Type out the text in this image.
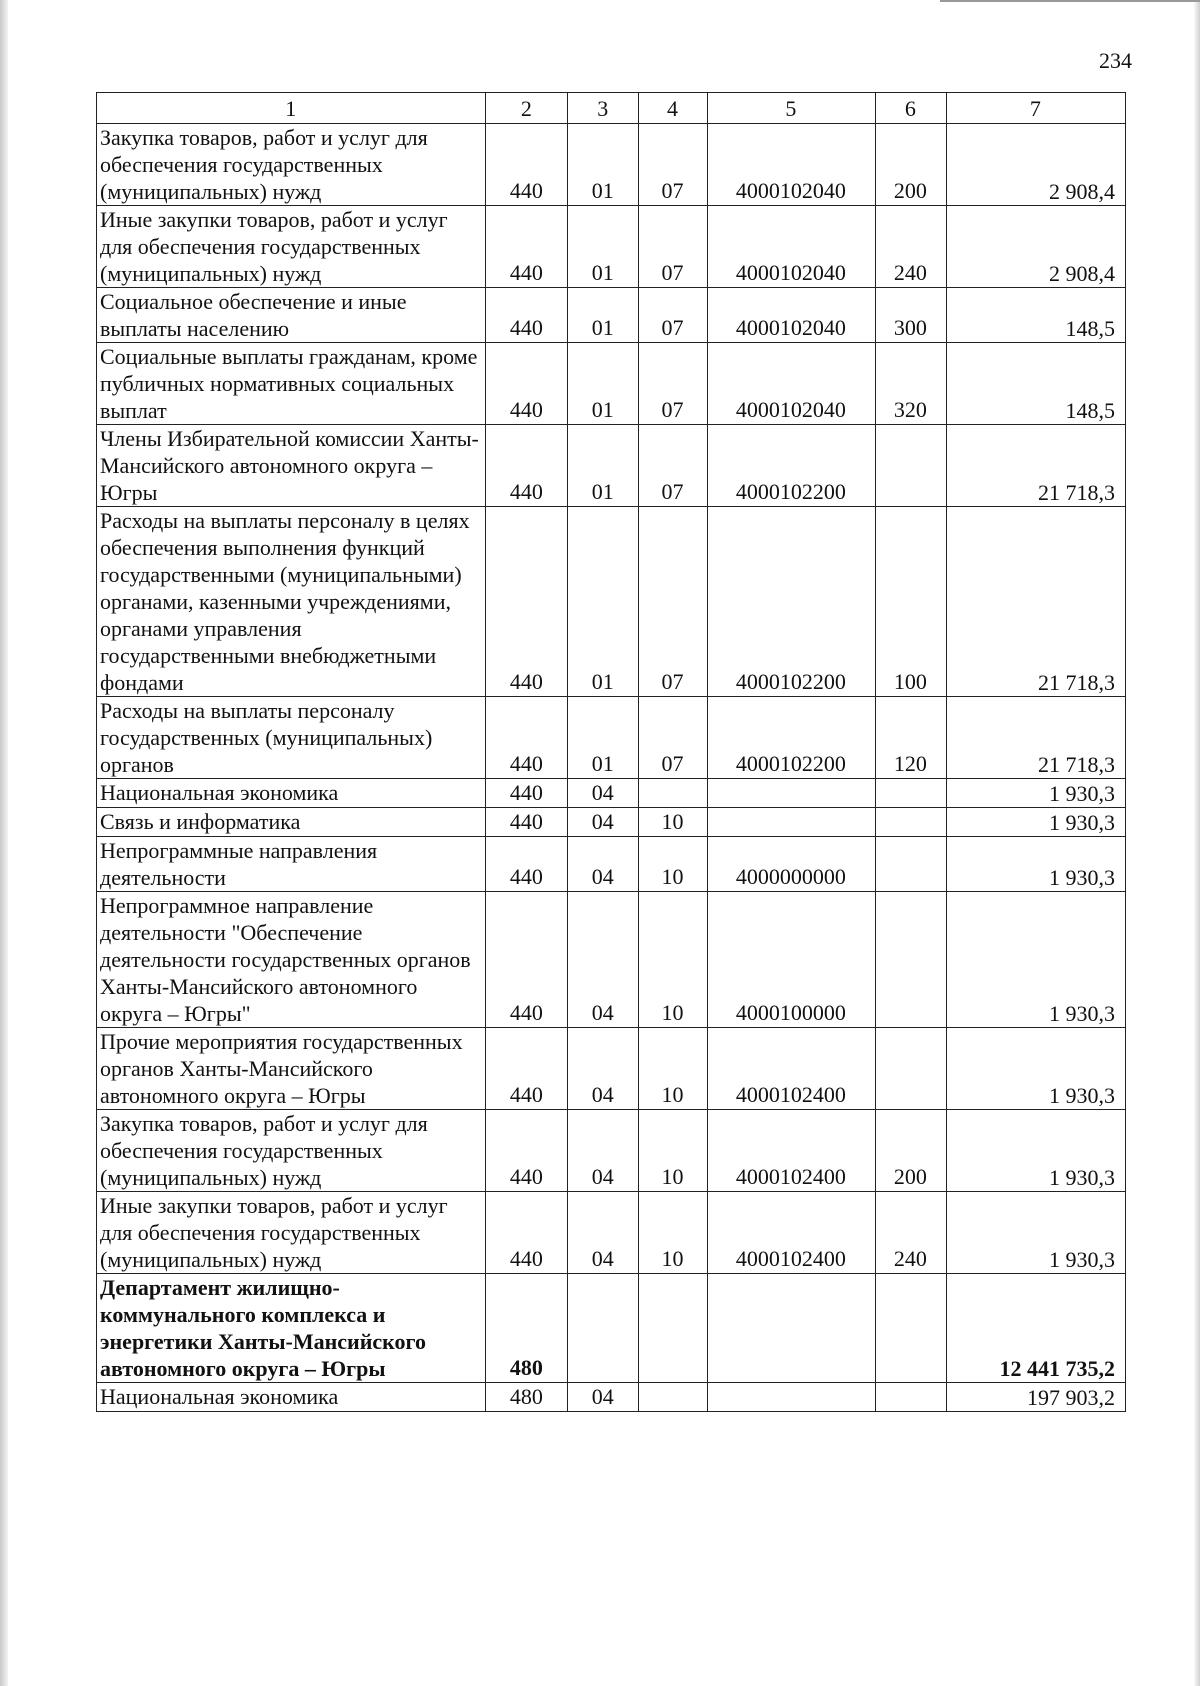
234
1	2	3	4	5	6	7
Закупка товаров, работ и услуг для обеспечения государственных (муниципальных) нужд	440	01	07	4000102040	200	2 908,4
Иные закупки товаров, работ и услуг для обеспечения государственных (муниципальных) нужд	440	01	07	4000102040	240	2 908,4
Социальное обеспечение и иные выплаты населению	440	01	07	4000102040	300	148,5
Социальные выплаты гражданам, кроме публичных нормативных социальных выплат	440	01	07	4000102040	320	148,5
Члены Избирательной комиссии Ханты-Мансийского автономного округа – Югры	440	01	07	4000102200		21 718,3
Расходы на выплаты персоналу в целях обеспечения выполнения функций государственными (муниципальными) органами, казенными учреждениями, органами управления государственными внебюджетными фондами	440	01	07	4000102200	100	21 718,3
Расходы на выплаты персоналу государственных (муниципальных) органов	440	01	07	4000102200	120	21 718,3
Национальная экономика	440	04				1 930,3
Связь и информатика	440	04	10			1 930,3
Непрограммные направления деятельности	440	04	10	4000000000		1 930,3
Непрограммное направление деятельности "Обеспечение деятельности государственных органов Ханты-Мансийского автономного округа – Югры"	440	04	10	4000100000		1 930,3
Прочие мероприятия государственных органов Ханты-Мансийского автономного округа – Югры	440	04	10	4000102400		1 930,3
Закупка товаров, работ и услуг для обеспечения государственных (муниципальных) нужд	440	04	10	4000102400	200	1 930,3
Иные закупки товаров, работ и услуг для обеспечения государственных (муниципальных) нужд	440	04	10	4000102400	240	1 930,3
Департамент жилищно-коммунального комплекса и энергетики Ханты-Мансийского автономного округа – Югры	480					12 441 735,2
Национальная экономика	480	04				197 903,2
